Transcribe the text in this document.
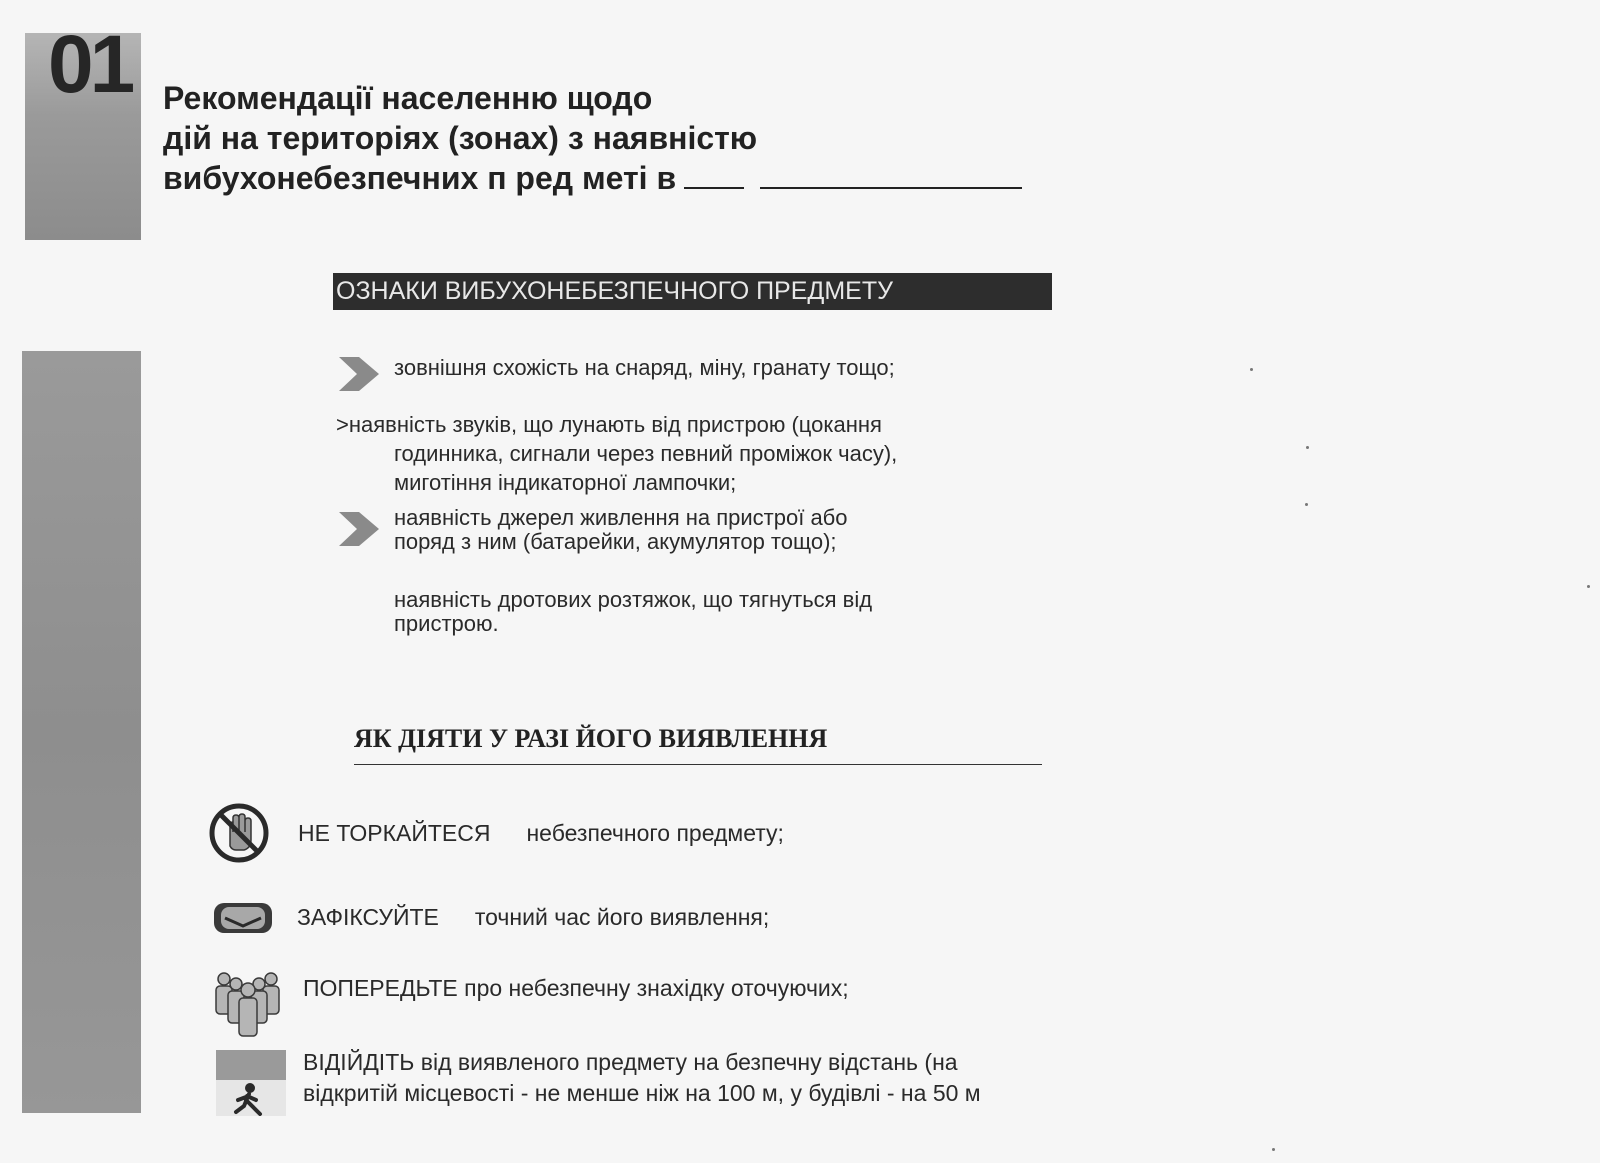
01 Рекомендації населенню щодо
дій на територіях (зонах) з наявністю
вибухонебезпечних п ред меті в
ОЗНАКИ ВИБУХОНЕБЕЗПЕЧНОГО ПРЕДМЕТУ
зовнішня схожість на снаряд, міну, гранату тощо;
>наявність звуків, що лунають від пристрою (цокання
годинника, сигнали через певний проміжок часу),
миготіння індикаторної лампочки;
наявність джерел живлення на пристрої або
поряд з ним (батарейки, акумулятор тощо);
наявність дротових розтяжок, що тягнуться від
пристрою.
ЯК ДІЯТИ У РАЗІ ЙОГО ВИЯВЛЕННЯ
НЕ ТОРКАЙТЕСЯ небезпечного предмету;
ЗАФІКСУЙТЕ точний час його виявлення;
ПОПЕРЕДЬТЕ про небезпечну знахідку оточуючих;
ВІДІЙДІТЬ від виявленого предмету на безпечну відстань (на
відкритій місцевості - не менше ніж на 100 м, у будівлі - на 50 м
